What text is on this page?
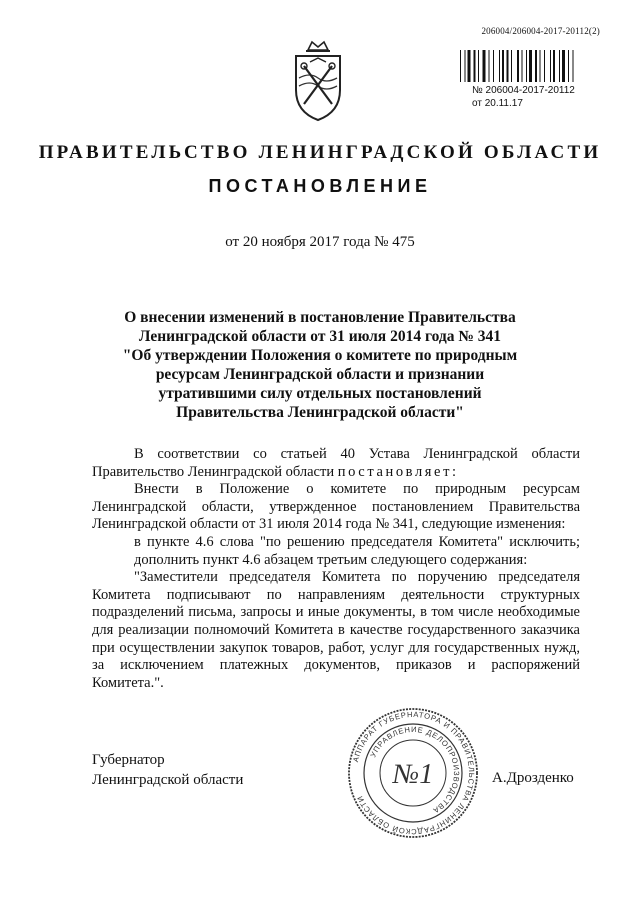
206004/206004-2017-20112(2)
№ 206004-2017-20112
от 20.11.17
ПРАВИТЕЛЬСТВО ЛЕНИНГРАДСКОЙ ОБЛАСТИ
ПОСТАНОВЛЕНИЕ
от 20 ноября 2017 года № 475
О внесении изменений в постановление Правительства
Ленинградской области от 31 июля 2014 года № 341
"Об утверждении Положения о комитете по природным
ресурсам Ленинградской области и признании
утратившими силу отдельных постановлений
Правительства Ленинградской области"

В соответствии со статьей 40 Устава Ленинградской области Правительство Ленинградской области постановляет:

Внести в Положение о комитете по природным ресурсам Ленинградской области, утвержденное постановлением Правительства Ленинградской области от 31 июля 2014 года № 341, следующие изменения:

в пункте 4.6 слова "по решению председателя Комитета" исключить;

дополнить пункт 4.6 абзацем третьим следующего содержания:

"Заместители председателя Комитета по поручению председателя Комитета подписывают по направлениям деятельности структурных подразделений письма, запросы и иные документы, в том числе необходимые для реализации полномочий Комитета в качестве государственного заказчика при осуществлении закупок товаров, работ, услуг для государственных нужд, за исключением платежных документов, приказов и распоряжений Комитета.".

Губернатор
Ленинградской области	А.Дрозденко
АППАРАТ ГУБЕРНАТОРА И ПРАВИТЕЛЬСТВА ЛЕНИНГРАДСКОЙ ОБЛАСТИ
УПРАВЛЕНИЕ ДЕЛОПРОИЗВОДСТВА
№1
